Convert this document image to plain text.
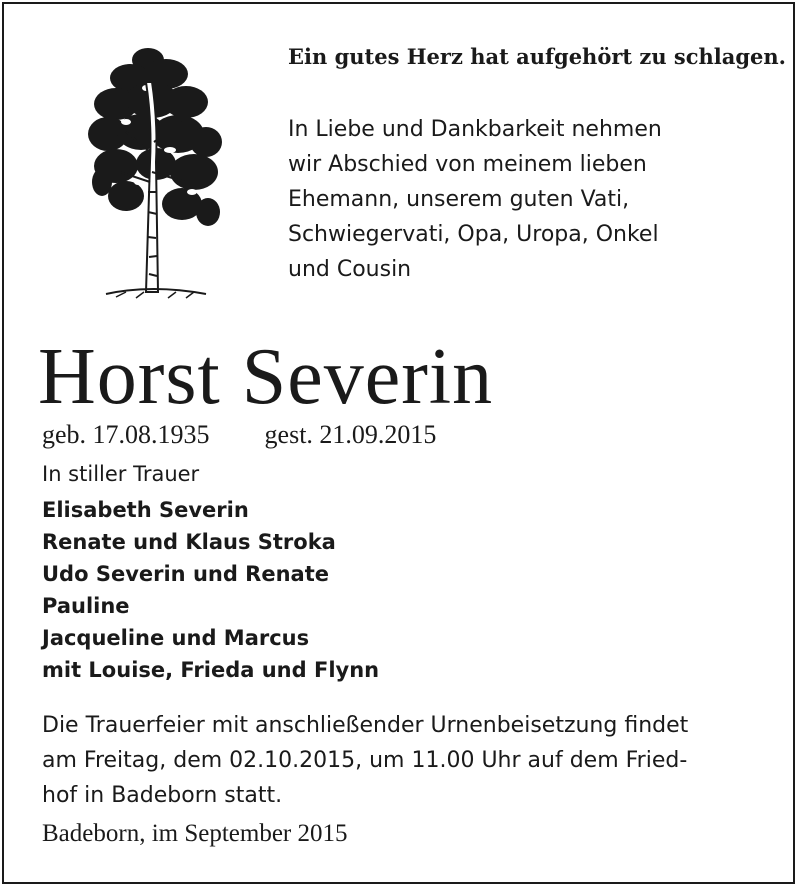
Ein gutes Herz hat aufgehört zu schlagen.
In Liebe und Dankbarkeit nehmen
wir Abschied von meinem lieben
Ehemann, unserem guten Vati,
Schwiegervati, Opa, Uropa, Onkel
und Cousin
Horst Severin
geb. 17.08.1935 gest. 21.09.2015
In stiller Trauer
Elisabeth Severin
Renate und Klaus Stroka
Udo Severin und Renate
Pauline
Jacqueline und Marcus
mit Louise, Frieda und Flynn
Die Trauerfeier mit anschließender Urnenbeisetzung findet
am Freitag, dem 02.10.2015, um 11.00 Uhr auf dem Fried-
hof in Badeborn statt.
Badeborn, im September 2015
